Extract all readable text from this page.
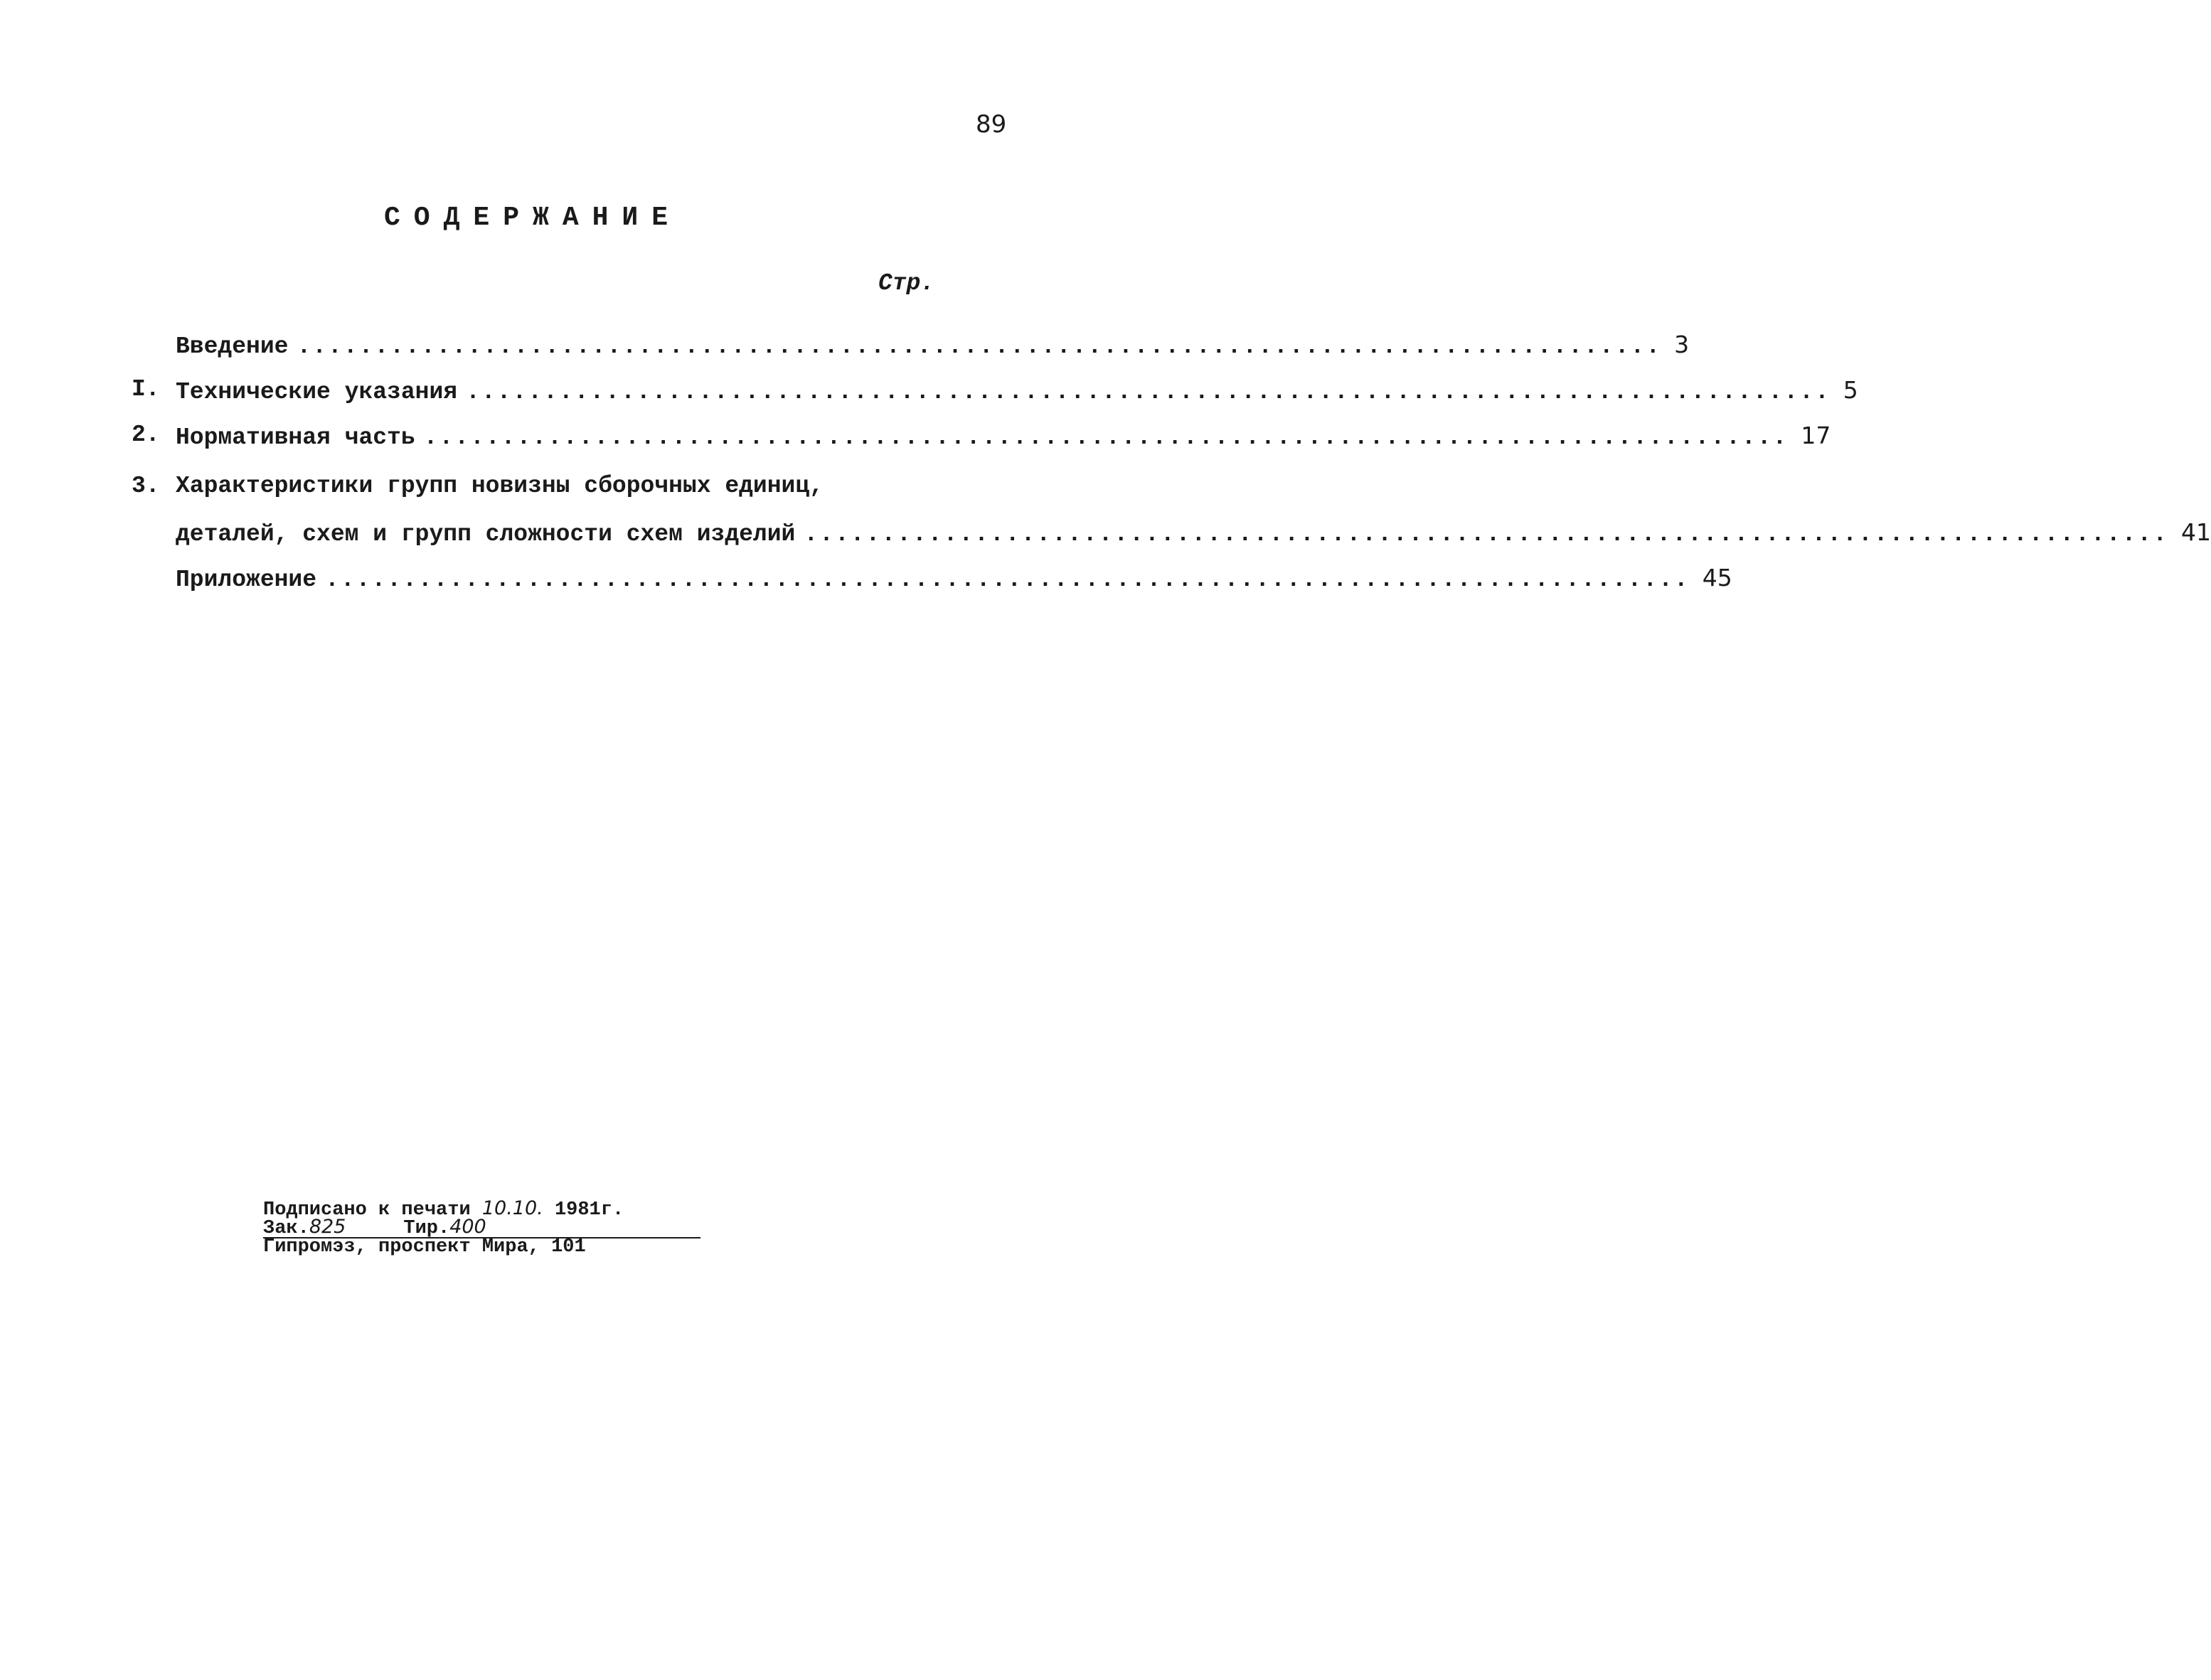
89
СОДЕРЖАНИЕ
Стр.
Введение ........................................................................................ 3
I. Технические указания ........................................................................................ 5
2. Нормативная часть ........................................................................................ 17
3. Характеристики групп новизны сборочных единиц,
деталей, схем и групп сложности схем изделий ........................................................................................ 41
Приложение ........................................................................................ 45
Подписано к печати 10.10. 1981г.
Зак.825	Тир.400
Гипромэз, проспект Мира, 101
